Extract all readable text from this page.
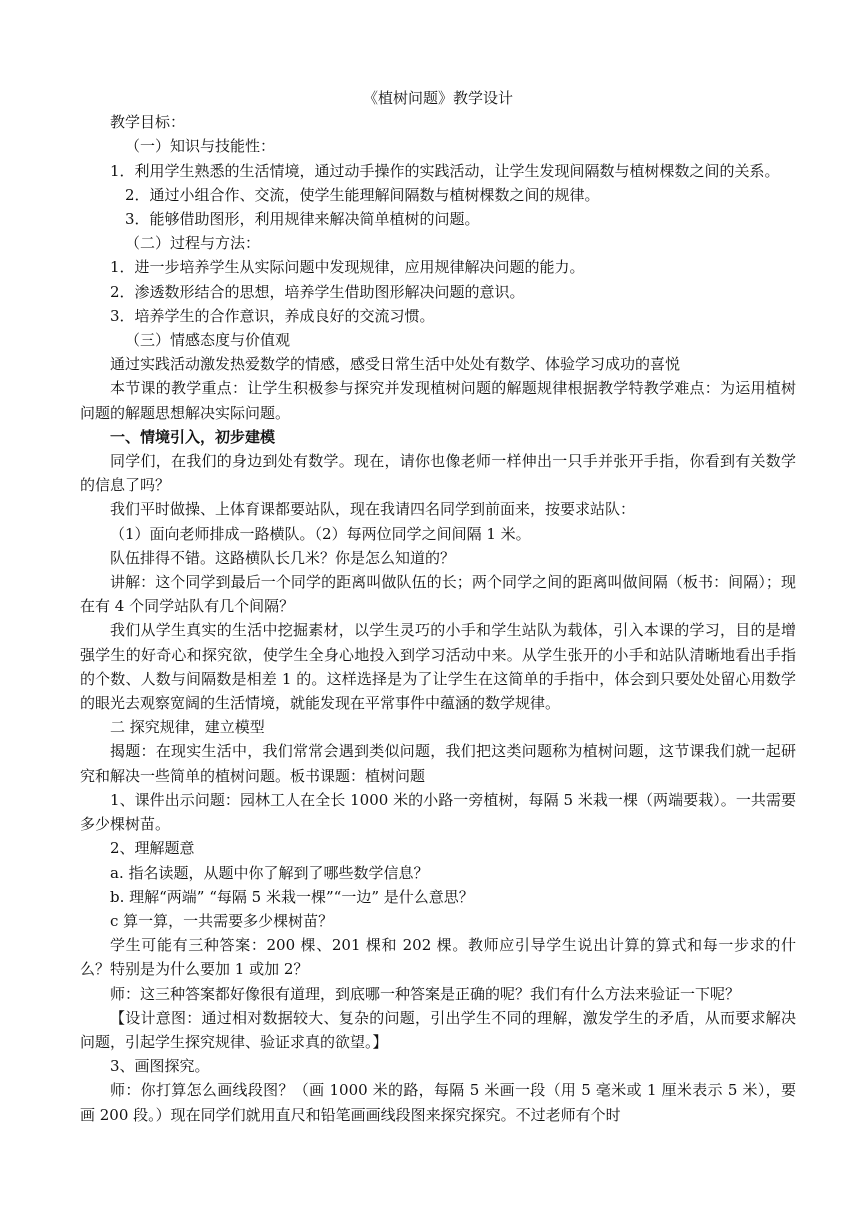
《植树问题》教学设计

教学目标：

（一）知识与技能性：

1．利用学生熟悉的生活情境，通过动手操作的实践活动，让学生发现间隔数与植树棵数之间的关系。

2．通过小组合作、交流，使学生能理解间隔数与植树棵数之间的规律。

3．能够借助图形，利用规律来解决简单植树的问题。

（二）过程与方法：

1．进一步培养学生从实际问题中发现规律，应用规律解决问题的能力。

2．渗透数形结合的思想，培养学生借助图形解决问题的意识。

3．培养学生的合作意识，养成良好的交流习惯。

（三）情感态度与价值观

通过实践活动激发热爱数学的情感，感受日常生活中处处有数学、体验学习成功的喜悦

本节课的教学重点：让学生积极参与探究并发现植树问题的解题规律根据教学特教学难点：为运用植树问题的解题思想解决实际问题。

一、情境引入，初步建模

同学们，在我们的身边到处有数学。现在，请你也像老师一样伸出一只手并张开手指，你看到有关数学的信息了吗？

我们平时做操、上体育课都要站队，现在我请四名同学到前面来，按要求站队：

（1）面向老师排成一路横队。（2）每两位同学之间间隔 1 米。

队伍排得不错。这路横队长几米？你是怎么知道的？

讲解：这个同学到最后一个同学的距离叫做队伍的长；两个同学之间的距离叫做间隔（板书：间隔）；现在有 4 个同学站队有几个间隔？

我们从学生真实的生活中挖掘素材，以学生灵巧的小手和学生站队为载体，引入本课的学习，目的是增强学生的好奇心和探究欲，使学生全身心地投入到学习活动中来。从学生张开的小手和站队清晰地看出手指的个数、人数与间隔数是相差 1 的。这样选择是为了让学生在这简单的手指中，体会到只要处处留心用数学的眼光去观察宽阔的生活情境，就能发现在平常事件中蕴涵的数学规律。

二 探究规律，建立模型

揭题：在现实生活中，我们常常会遇到类似问题，我们把这类问题称为植树问题，这节课我们就一起研究和解决一些简单的植树问题。板书课题：植树问题

1、课件出示问题：园林工人在全长 1000 米的小路一旁植树，每隔 5 米栽一棵（两端要栽）。一共需要多少棵树苗。

2、理解题意

a. 指名读题，从题中你了解到了哪些数学信息？

b. 理解“两端” “每隔 5 米栽一棵”“一边” 是什么意思？

c 算一算，一共需要多少棵树苗？

学生可能有三种答案：200 棵、201 棵和 202 棵。教师应引导学生说出计算的算式和每一步求的什么？特别是为什么要加 1 或加 2？

师：这三种答案都好像很有道理，到底哪一种答案是正确的呢？我们有什么方法来验证一下呢？

【设计意图：通过相对数据较大、复杂的问题，引出学生不同的理解，激发学生的矛盾，从而要求解决问题，引起学生探究规律、验证求真的欲望。】

3、画图探究。

师：你打算怎么画线段图？（画 1000 米的路，每隔 5 米画一段（用 5 毫米或 1 厘米表示 5 米），要画 200 段。）现在同学们就用直尺和铅笔画画线段图来探究探究。不过老师有个时
